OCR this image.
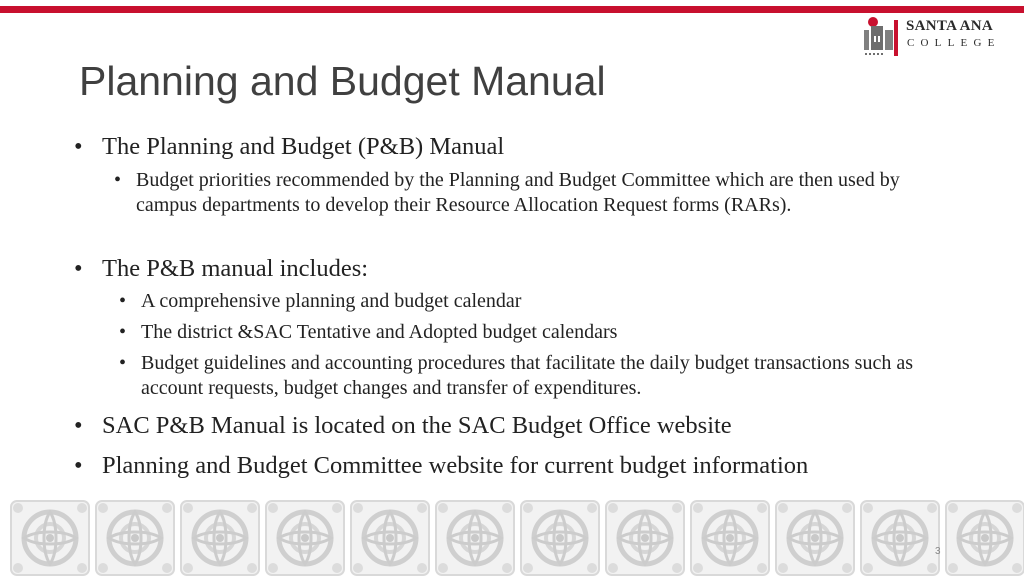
SANTA ANA
COLLEGE
Planning and Budget Manual
• The Planning and Budget (P&B) Manual
• Budget priorities recommended by the Planning and Budget Committee which are then used by campus departments to develop their Resource Allocation Request forms (RARs).
• The P&B manual includes:
• A comprehensive planning and budget calendar
• The district &SAC Tentative and Adopted budget calendars
• Budget guidelines and accounting procedures that facilitate the daily budget transactions such as account requests, budget changes and transfer of expenditures.
• SAC P&B Manual is located on the SAC Budget Office website
• Planning and Budget Committee website for current budget information
3
